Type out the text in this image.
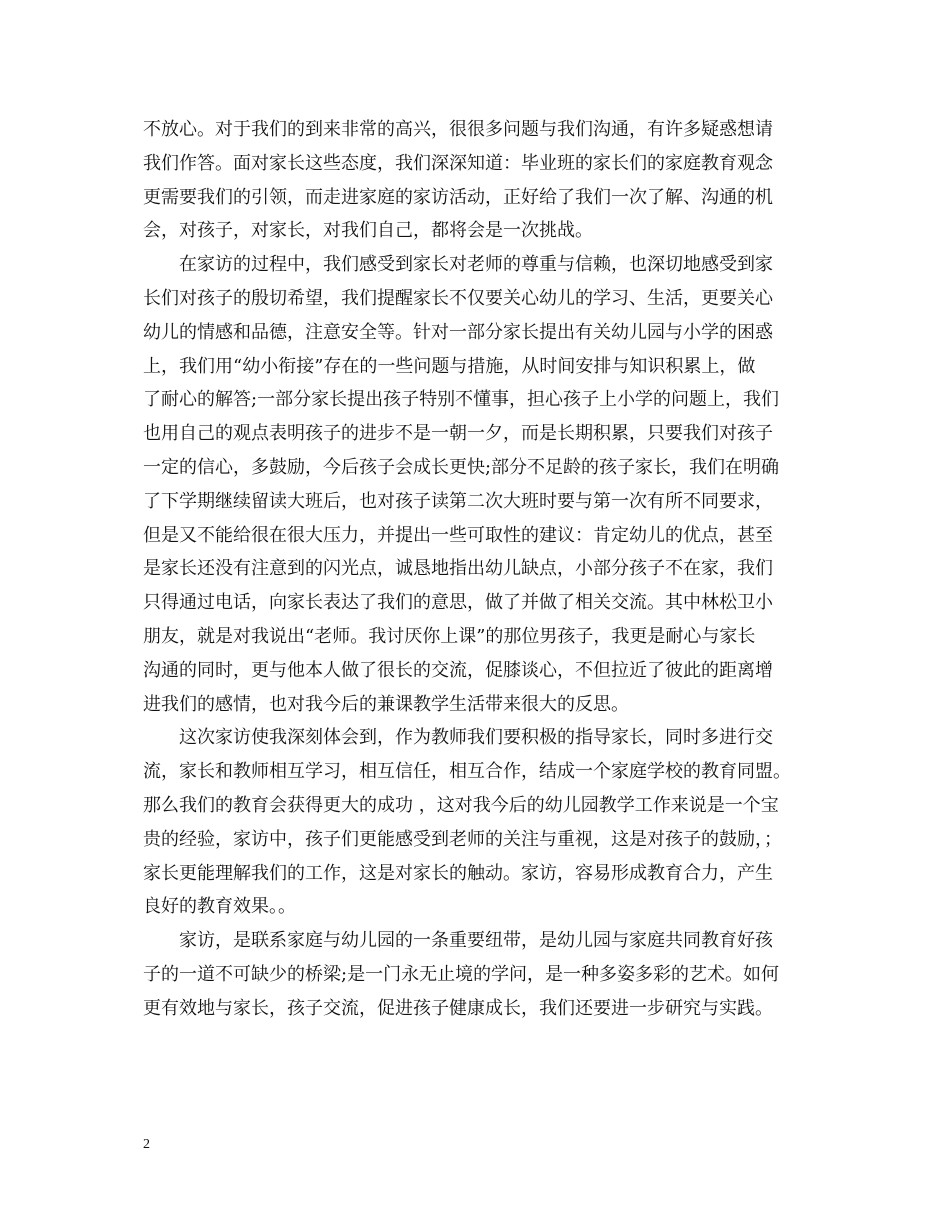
不放心。对于我们的到来非常的高兴，很很多问题与我们沟通，有许多疑惑想请
我们作答。面对家长这些态度，我们深深知道：毕业班的家长们的家庭教育观念
更需要我们的引领，而走进家庭的家访活动，正好给了我们一次了解、沟通的机
会，对孩子，对家长，对我们自己，都将会是一次挑战。
在家访的过程中，我们感受到家长对老师的尊重与信赖，也深切地感受到家
长们对孩子的殷切希望，我们提醒家长不仅要关心幼儿的学习、生活，更要关心
幼儿的情感和品德，注意安全等。针对一部分家长提出有关幼儿园与小学的困惑
上，我们用“幼小衔接”存在的一些问题与措施，从时间安排与知识积累上，做
了耐心的解答;一部分家长提出孩子特别不懂事，担心孩子上小学的问题上，我们
也用自己的观点表明孩子的进步不是一朝一夕，而是长期积累，只要我们对孩子
一定的信心，多鼓励，今后孩子会成长更快;部分不足龄的孩子家长，我们在明确
了下学期继续留读大班后，也对孩子读第二次大班时要与第一次有所不同要求，
但是又不能给很在很大压力，并提出一些可取性的建议：肯定幼儿的优点，甚至
是家长还没有注意到的闪光点，诚恳地指出幼儿缺点，小部分孩子不在家，我们
只得通过电话，向家长表达了我们的意思，做了并做了相关交流。其中林松卫小
朋友，就是对我说出“老师。我讨厌你上课”的那位男孩子，我更是耐心与家长
沟通的同时，更与他本人做了很长的交流，促膝谈心，不但拉近了彼此的距离增
进我们的感情，也对我今后的兼课教学生活带来很大的反思。
这次家访使我深刻体会到，作为教师我们要积极的指导家长，同时多进行交
流，家长和教师相互学习，相互信任，相互合作，结成一个家庭学校的教育同盟。
那么我们的教育会获得更大的成功 ，这对我今后的幼儿园教学工作来说是一个宝
贵的经验，家访中，孩子们更能感受到老师的关注与重视，这是对孩子的鼓励，；
家长更能理解我们的工作，这是对家长的触动。家访，容易形成教育合力，产生
良好的教育效果。。
家访，是联系家庭与幼儿园的一条重要纽带，是幼儿园与家庭共同教育好孩
子的一道不可缺少的桥梁;是一门永无止境的学问，是一种多姿多彩的艺术。如何
更有效地与家长，孩子交流，促进孩子健康成长，我们还要进一步研究与实践。
2
